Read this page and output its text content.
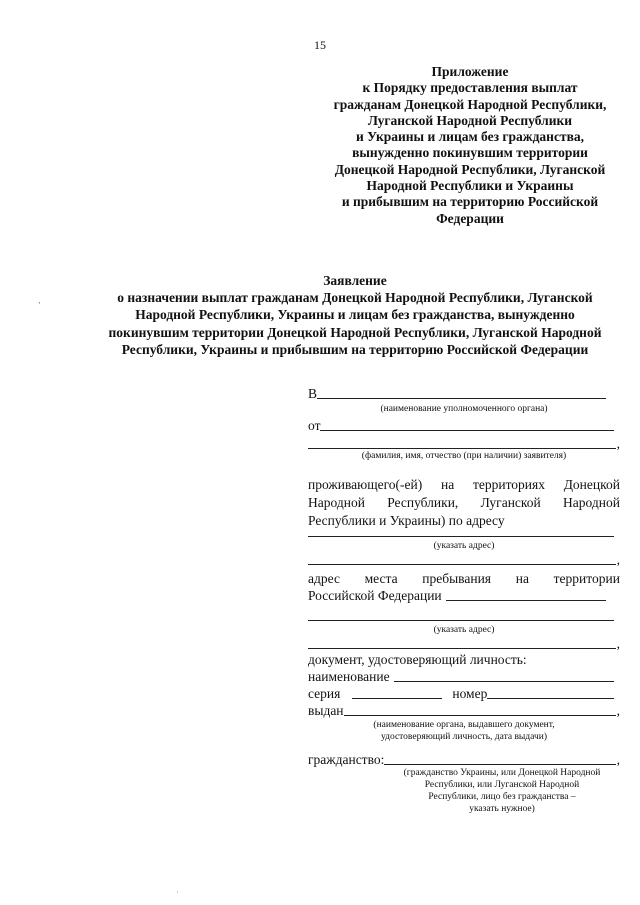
15
Приложение
к Порядку предоставления выплат
гражданам Донецкой Народной Республики,
Луганской Народной Республики
и Украины и лицам без гражданства,
вынужденно покинувшим территории
Донецкой Народной Республики, Луганской
Народной Республики и Украины
и прибывшим на территорию Российской
Федерации
Заявление
о назначении выплат гражданам Донецкой Народной Республики, Луганской
Народной Республики, Украины и лицам без гражданства, вынужденно
покинувшим территории Донецкой Народной Республики, Луганской Народной
Республики, Украины и прибывшим на территорию Российской Федерации
В
(наименование уполномоченного органа)
от
,
(фамилия, имя, отчество (при наличии) заявителя)
проживающего(-ей) на территориях Донецкой
Народной Республики, Луганской Народной
Республики и Украины) по адресу
(указать адрес)
,
адрес места пребывания на территории
Российской Федерации
(указать адрес)
,
документ, удостоверяющий личность:
наименование
серия	номер
выдан	,
(наименование органа, выдавшего документ,
удостоверяющий личность, дата выдачи)
гражданство:	,
(гражданство Украины, или Донецкой Народной
Республики, или Луганской Народной
Республики, лицо без гражданства –
указать нужное)
‚
·
